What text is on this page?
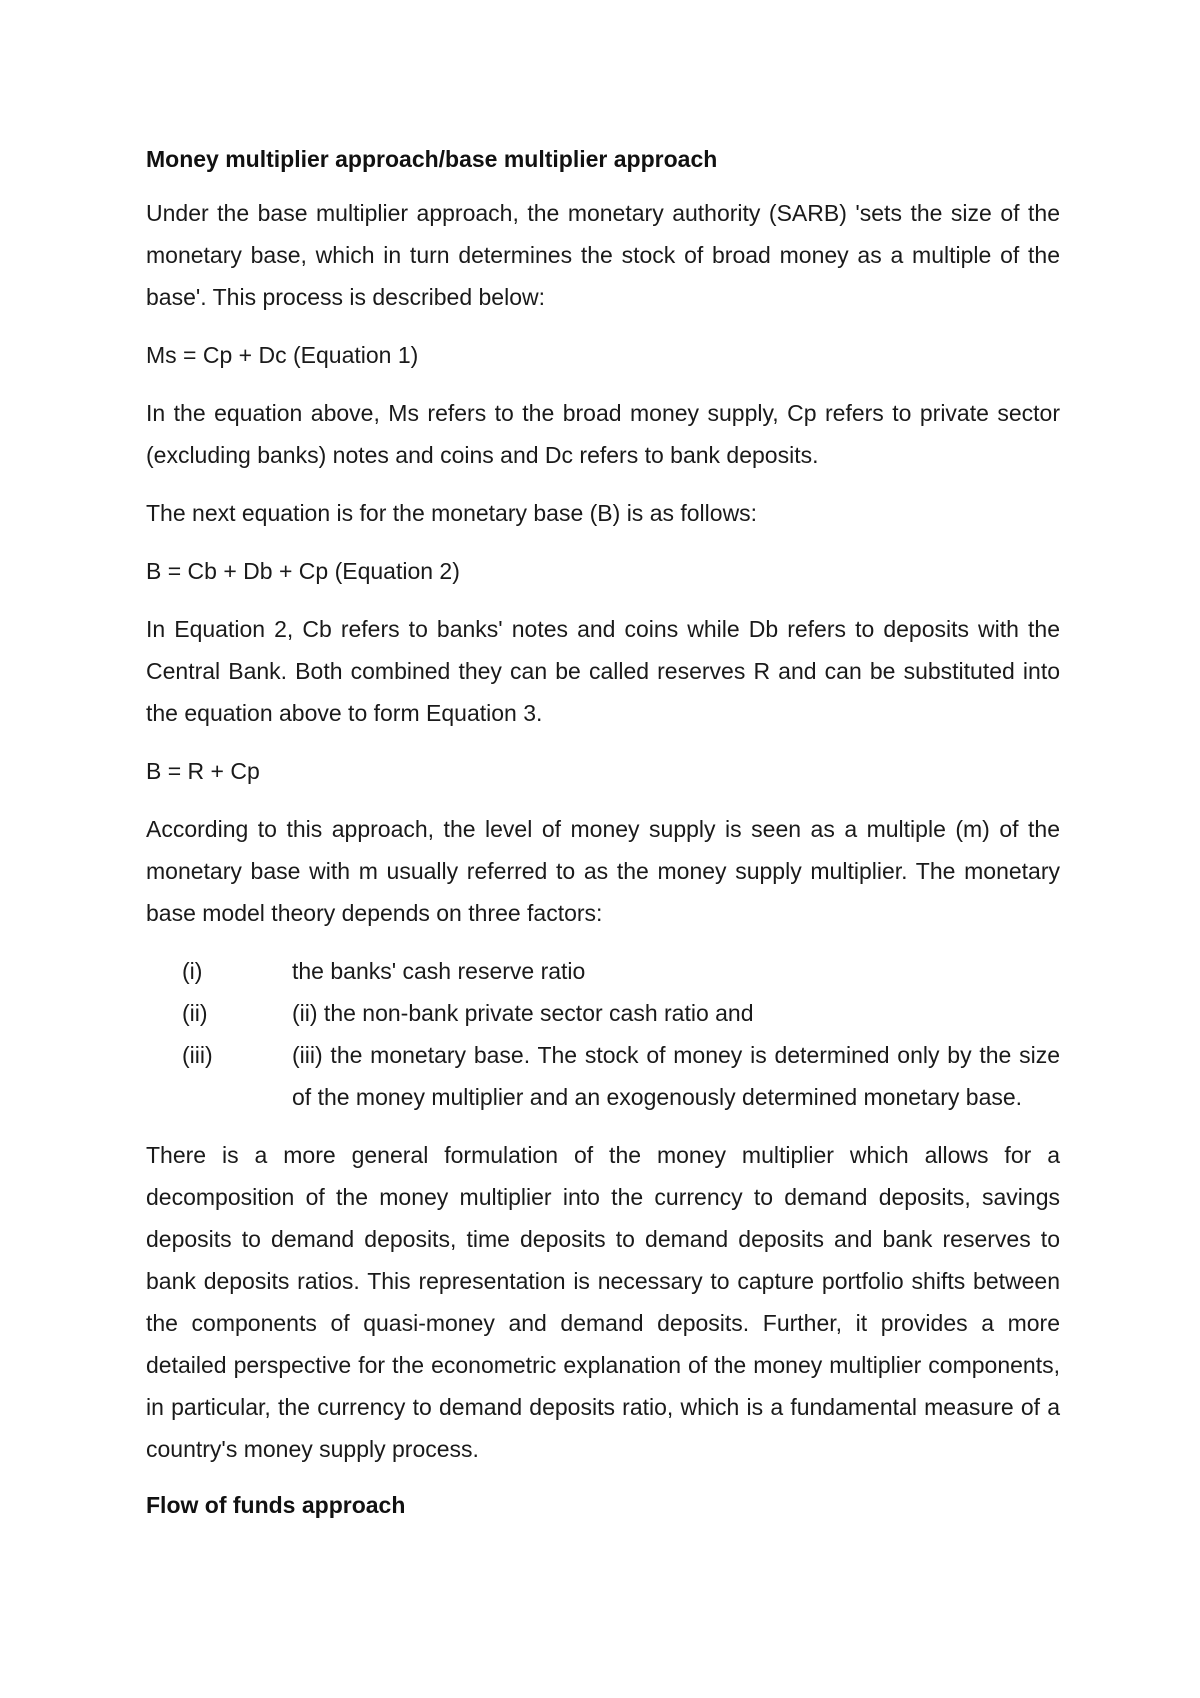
Money multiplier approach/base multiplier approach

Under the base multiplier approach, the monetary authority (SARB) 'sets the size of the monetary base, which in turn determines the stock of broad money as a multiple of the base'. This process is described below:

Ms = Cp + Dc (Equation 1)

In the equation above, Ms refers to the broad money supply, Cp refers to private sector (excluding banks) notes and coins and Dc refers to bank deposits.

The next equation is for the monetary base (B) is as follows:

B = Cb + Db + Cp (Equation 2)

In Equation 2, Cb refers to banks' notes and coins while Db refers to deposits with the Central Bank. Both combined they can be called reserves R and can be substituted into the equation above to form Equation 3.

B = R + Cp

According to this approach, the level of money supply is seen as a multiple (m) of the monetary base with m usually referred to as the money supply multiplier. The monetary base model theory depends on three factors:

(i)	the banks' cash reserve ratio
(ii)	(ii) the non-bank private sector cash ratio and
(iii)	(iii) the monetary base. The stock of money is determined only by the size of the money multiplier and an exogenously determined monetary base.

There is a more general formulation of the money multiplier which allows for a decomposition of the money multiplier into the currency to demand deposits, savings deposits to demand deposits, time deposits to demand deposits and bank reserves to bank deposits ratios. This representation is necessary to capture portfolio shifts between the components of quasi-money and demand deposits. Further, it provides a more detailed perspective for the econometric explanation of the money multiplier components, in particular, the currency to demand deposits ratio, which is a fundamental measure of a country's money supply process.

Flow of funds approach
